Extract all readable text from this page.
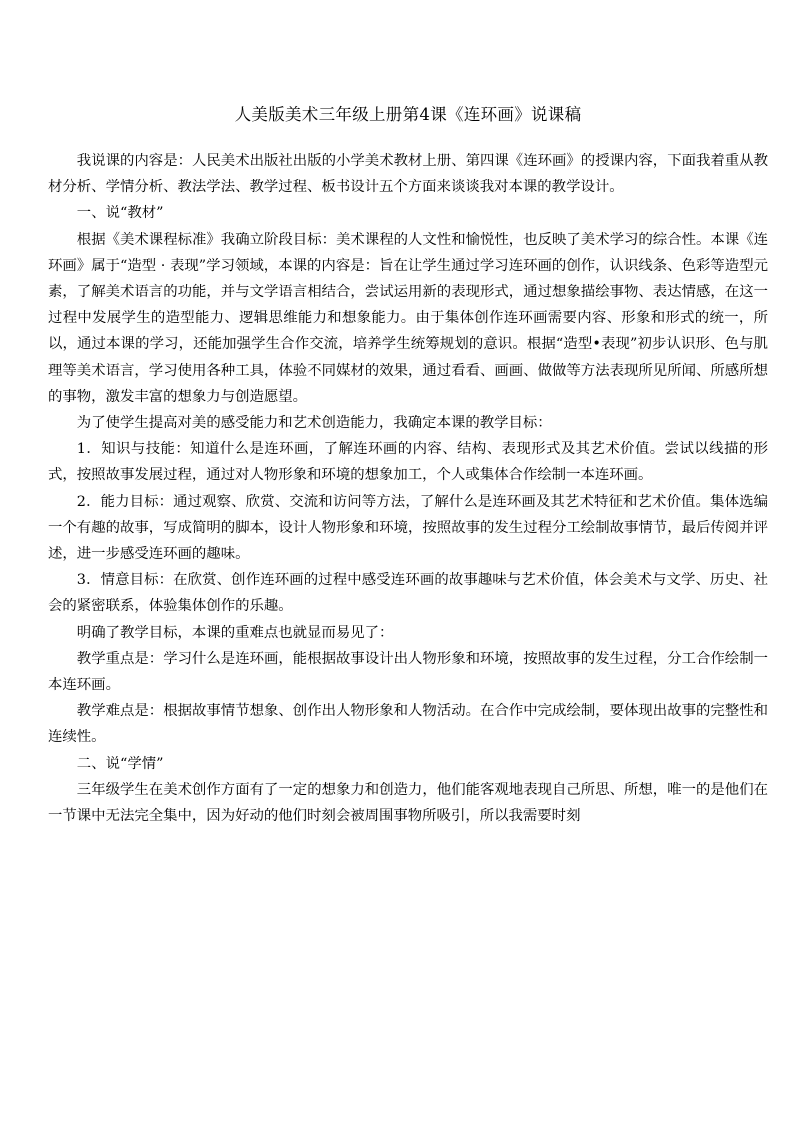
人美版美术三年级上册第4课《连环画》说课稿

我说课的内容是：人民美术出版社出版的小学美术教材上册、第四课《连环画》的授课内容，下面我着重从教材分析、学情分析、教法学法、教学过程、板书设计五个方面来谈谈我对本课的教学设计。

一、说“教材”

根据《美术课程标准》我确立阶段目标：美术课程的人文性和愉悦性，也反映了美术学习的综合性。本课《连环画》属于“造型 · 表现”学习领域，本课的内容是：旨在让学生通过学习连环画的创作，认识线条、色彩等造型元素，了解美术语言的功能，并与文学语言相结合，尝试运用新的表现形式，通过想象描绘事物、表达情感，在这一过程中发展学生的造型能力、逻辑思维能力和想象能力。由于集体创作连环画需要内容、形象和形式的统一，所以，通过本课的学习，还能加强学生合作交流，培养学生统筹规划的意识。根据“造型•表现”初步认识形、色与肌理等美术语言，学习使用各种工具，体验不同媒材的效果，通过看看、画画、做做等方法表现所见所闻、所感所想的事物，激发丰富的想象力与创造愿望。

为了使学生提高对美的感受能力和艺术创造能力，我确定本课的教学目标：

1．知识与技能：知道什么是连环画，了解连环画的内容、结构、表现形式及其艺术价值。尝试以线描的形式，按照故事发展过程，通过对人物形象和环境的想象加工，个人或集体合作绘制一本连环画。

2．能力目标：通过观察、欣赏、交流和访问等方法，了解什么是连环画及其艺术特征和艺术价值。集体选编一个有趣的故事，写成简明的脚本，设计人物形象和环境，按照故事的发生过程分工绘制故事情节，最后传阅并评述，进一步感受连环画的趣味。

3．情意目标：在欣赏、创作连环画的过程中感受连环画的故事趣味与艺术价值，体会美术与文学、历史、社会的紧密联系，体验集体创作的乐趣。

明确了教学目标，本课的重难点也就显而易见了：

教学重点是：学习什么是连环画，能根据故事设计出人物形象和环境，按照故事的发生过程，分工合作绘制一本连环画。

教学难点是：根据故事情节想象、创作出人物形象和人物活动。在合作中完成绘制，要体现出故事的完整性和连续性。

二、说“学情”

三年级学生在美术创作方面有了一定的想象力和创造力，他们能客观地表现自己所思、所想，唯一的是他们在一节课中无法完全集中，因为好动的他们时刻会被周围事物所吸引，所以我需要时刻
